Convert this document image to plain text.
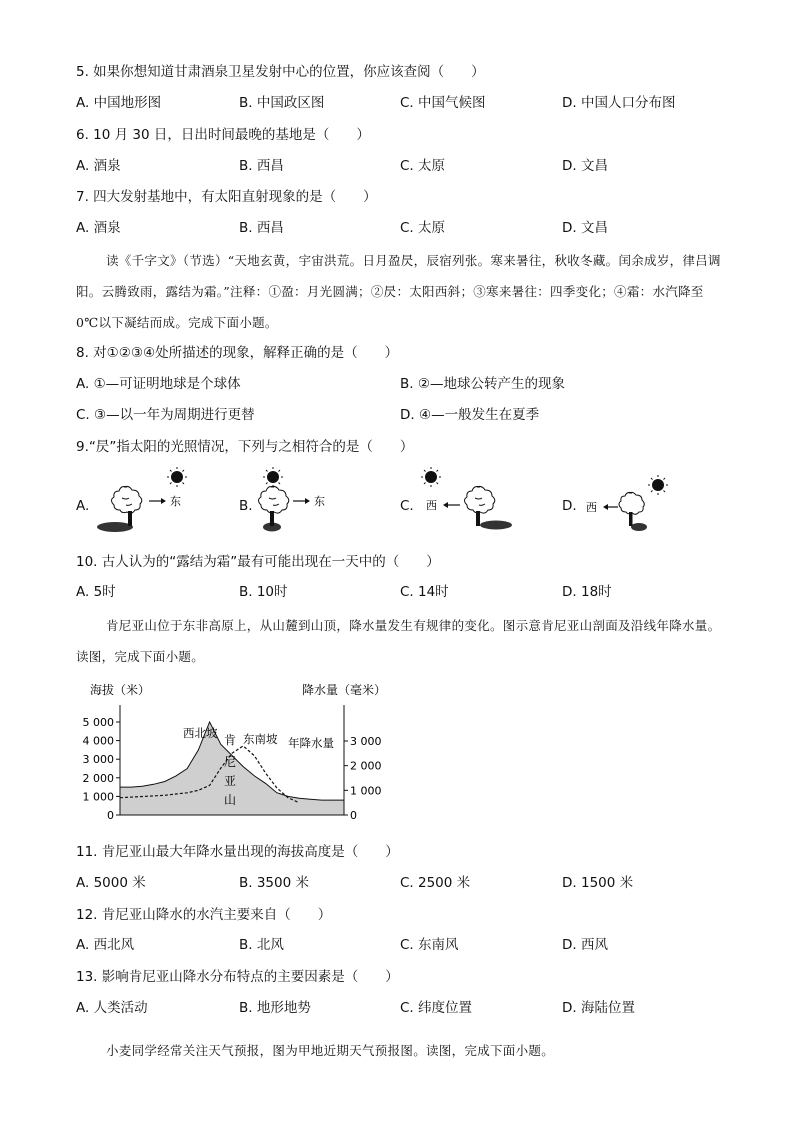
5. 如果你想知道甘肃酒泉卫星发射中心的位置，你应该查阅（　　）
A. 中国地形图	B. 中国政区图	C. 中国气候图	D. 中国人口分布图
6. 10 月 30 日，日出时间最晚的基地是（　　）
A. 酒泉	B. 西昌	C. 太原	D. 文昌
7. 四大发射基地中，有太阳直射现象的是（　　）
A. 酒泉	B. 西昌	C. 太原	D. 文昌
读《千字文》（节选）“天地玄黄，宇宙洪荒。日月盈昃，辰宿列张。寒来暑往，秋收冬藏。闰余成岁，律吕调阳。云腾致雨，露结为霜。”注释：①盈：月光圆满；②昃：太阳西斜；③寒来暑往：四季变化；④霜：水汽降至 0℃以下凝结而成。完成下面小题。
8. 对①②③④处所描述的现象，解释正确的是（　　）
A. ①—可证明地球是个球体	B. ②—地球公转产生的现象
C. ③—以一年为周期进行更替	D. ④—一般发生在夏季
9.“昃”指太阳的光照情况，下列与之相符合的是（　　）
A.	B.	C.	D.
东	东	西	西
10. 古人认为的“露结为霜”最有可能出现在一天中的（　　）
A. 5时	B. 10时	C. 14时	D. 18时
肯尼亚山位于东非高原上，从山麓到山顶，降水量发生有规律的变化。图示意肯尼亚山剖面及沿线年降水量。读图，完成下面小题。
海拔（米）	降水量（毫米）
5 000
4 000
3 000
2 000
1 000
0
3 000
2 000
1 000
0
西北坡 东南坡 年降水量
肯
尼
亚
山
11. 肯尼亚山最大年降水量出现的海拔高度是（　　）
A. 5000 米	B. 3500 米	C. 2500 米	D. 1500 米
12. 肯尼亚山降水的水汽主要来自（　　）
A. 西北风	B. 北风	C. 东南风	D. 西风
13. 影响肯尼亚山降水分布特点的主要因素是（　　）
A. 人类活动	B. 地形地势	C. 纬度位置	D. 海陆位置
小麦同学经常关注天气预报，图为甲地近期天气预报图。读图，完成下面小题。
